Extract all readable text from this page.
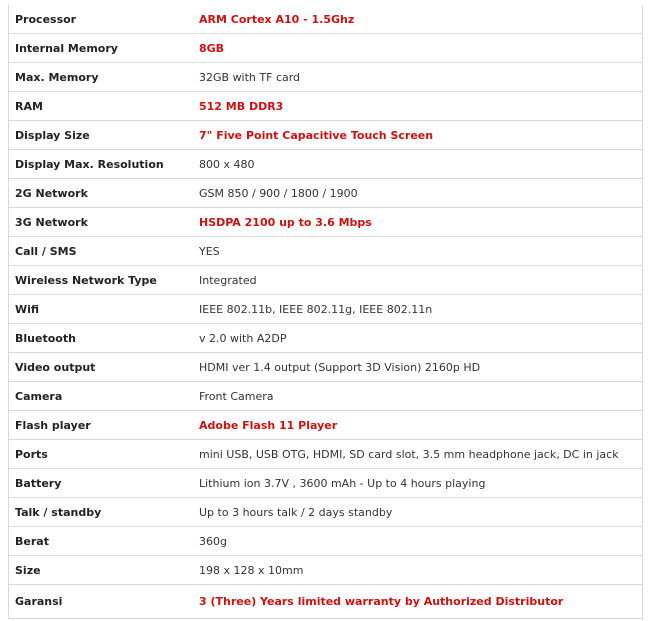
Processor	ARM Cortex A10 - 1.5Ghz
Internal Memory	8GB
Max. Memory	32GB with TF card
RAM	512 MB DDR3
Display Size	7" Five Point Capacitive Touch Screen
Display Max. Resolution	800 x 480
2G Network	GSM 850 / 900 / 1800 / 1900
3G Network	HSDPA 2100 up to 3.6 Mbps
Call / SMS	YES
Wireless Network Type	Integrated
Wifi	IEEE 802.11b, IEEE 802.11g, IEEE 802.11n
Bluetooth	v 2.0 with A2DP
Video output	HDMI ver 1.4 output (Support 3D Vision) 2160p HD
Camera	Front Camera
Flash player	Adobe Flash 11 Player
Ports	mini USB, USB OTG, HDMI, SD card slot, 3.5 mm headphone jack, DC in jack
Battery	Lithium ion 3.7V , 3600 mAh - Up to 4 hours playing
Talk / standby	Up to 3 hours talk / 2 days standby
Berat	360g
Size	198 x 128 x 10mm
Garansi	3 (Three) Years limited warranty by Authorized Distributor
